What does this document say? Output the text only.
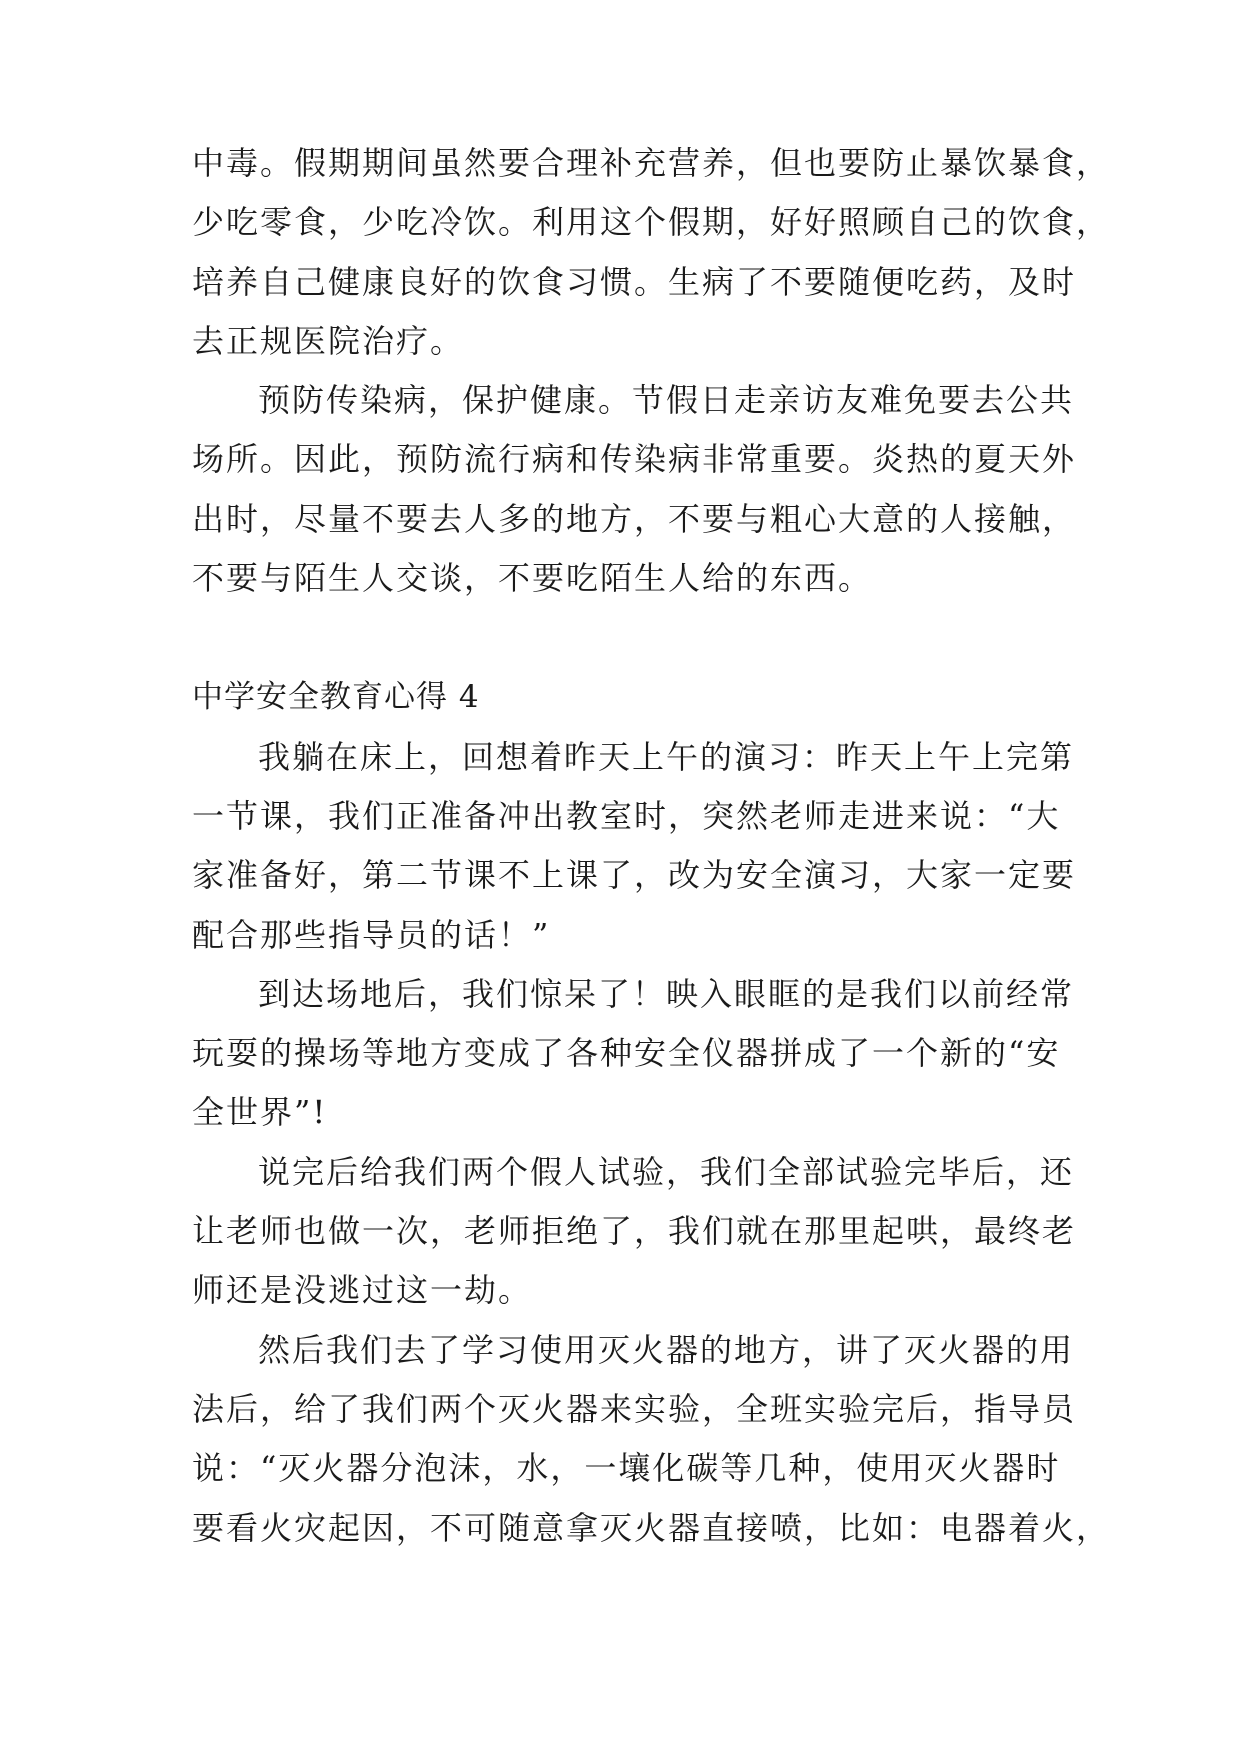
中毒。假期期间虽然要合理补充营养，但也要防止暴饮暴食，
少吃零食，少吃冷饮。利用这个假期，好好照顾自己的饮食，
培养自己健康良好的饮食习惯。生病了不要随便吃药，及时
去正规医院治疗。
预防传染病，保护健康。节假日走亲访友难免要去公共
场所。因此，预防流行病和传染病非常重要。炎热的夏天外
出时，尽量不要去人多的地方，不要与粗心大意的人接触，
不要与陌生人交谈，不要吃陌生人给的东西。
中学安全教育心得 4
我躺在床上，回想着昨天上午的演习：昨天上午上完第
一节课，我们正准备冲出教室时，突然老师走进来说：“大
家准备好，第二节课不上课了，改为安全演习，大家一定要
配合那些指导员的话！”
到达场地后，我们惊呆了！映入眼眶的是我们以前经常
玩耍的操场等地方变成了各种安全仪器拼成了一个新的“安
全世界”!
说完后给我们两个假人试验，我们全部试验完毕后，还
让老师也做一次，老师拒绝了，我们就在那里起哄，最终老
师还是没逃过这一劫。
然后我们去了学习使用灭火器的地方，讲了灭火器的用
法后，给了我们两个灭火器来实验，全班实验完后，指导员
说：“灭火器分泡沫，水，一壤化碳等几种，使用灭火器时
要看火灾起因，不可随意拿灭火器直接喷，比如：电器着火，
